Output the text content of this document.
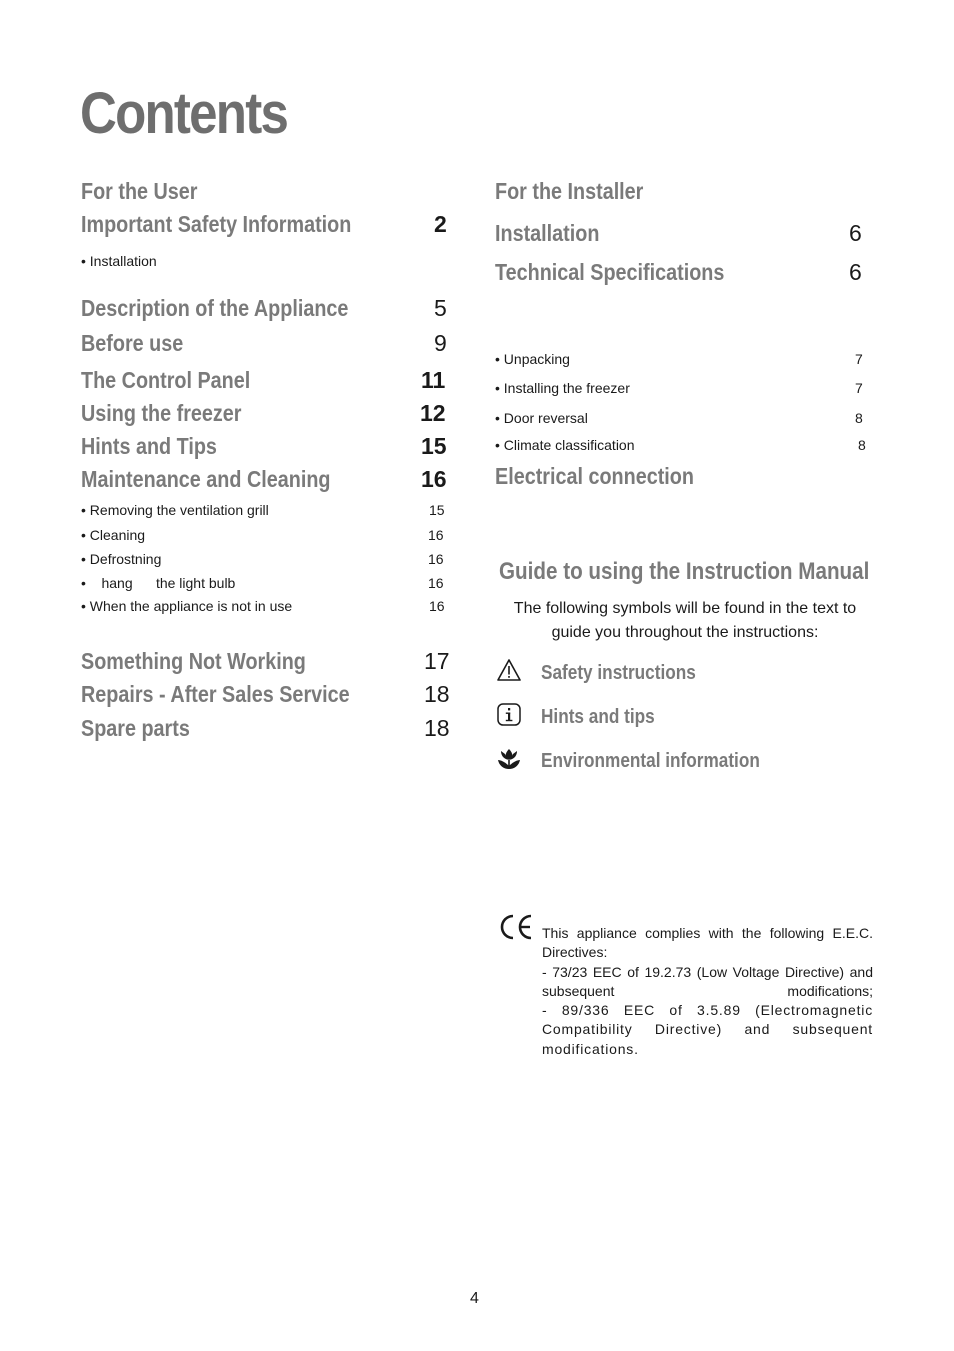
Contents
For the User
Important Safety Information	2
• Installation
Description of the Appliance	5
Before use	9
The Control Panel	11
Using the freezer	12
Hints and Tips	15
Maintenance and Cleaning	16
• Removing the ventilation grill	15
• Cleaning	16
• Defrostning	16
•    hang      the light bulb	16
• When the appliance is not in use	16
Something Not Working	17
Repairs - After Sales Service	18
Spare parts	18
For the Installer
Installation	6
Technical Specifications	6
• Unpacking	7
• Installing the freezer	7
• Door reversal	8
• Climate classification	8
Electrical connection
Guide to using the Instruction Manual
The following symbols will be found in the text to guide you throughout the instructions:
Safety instructions
Hints and tips
Environmental information

This appliance complies with the following E.E.C. Directives:

- 73/23 EEC of 19.2.73 (Low Voltage Directive) and subsequent modifications;

- 89/336 EEC of 3.5.89 (Electromagnetic Compatibility Directive) and subsequent modifications.

4
